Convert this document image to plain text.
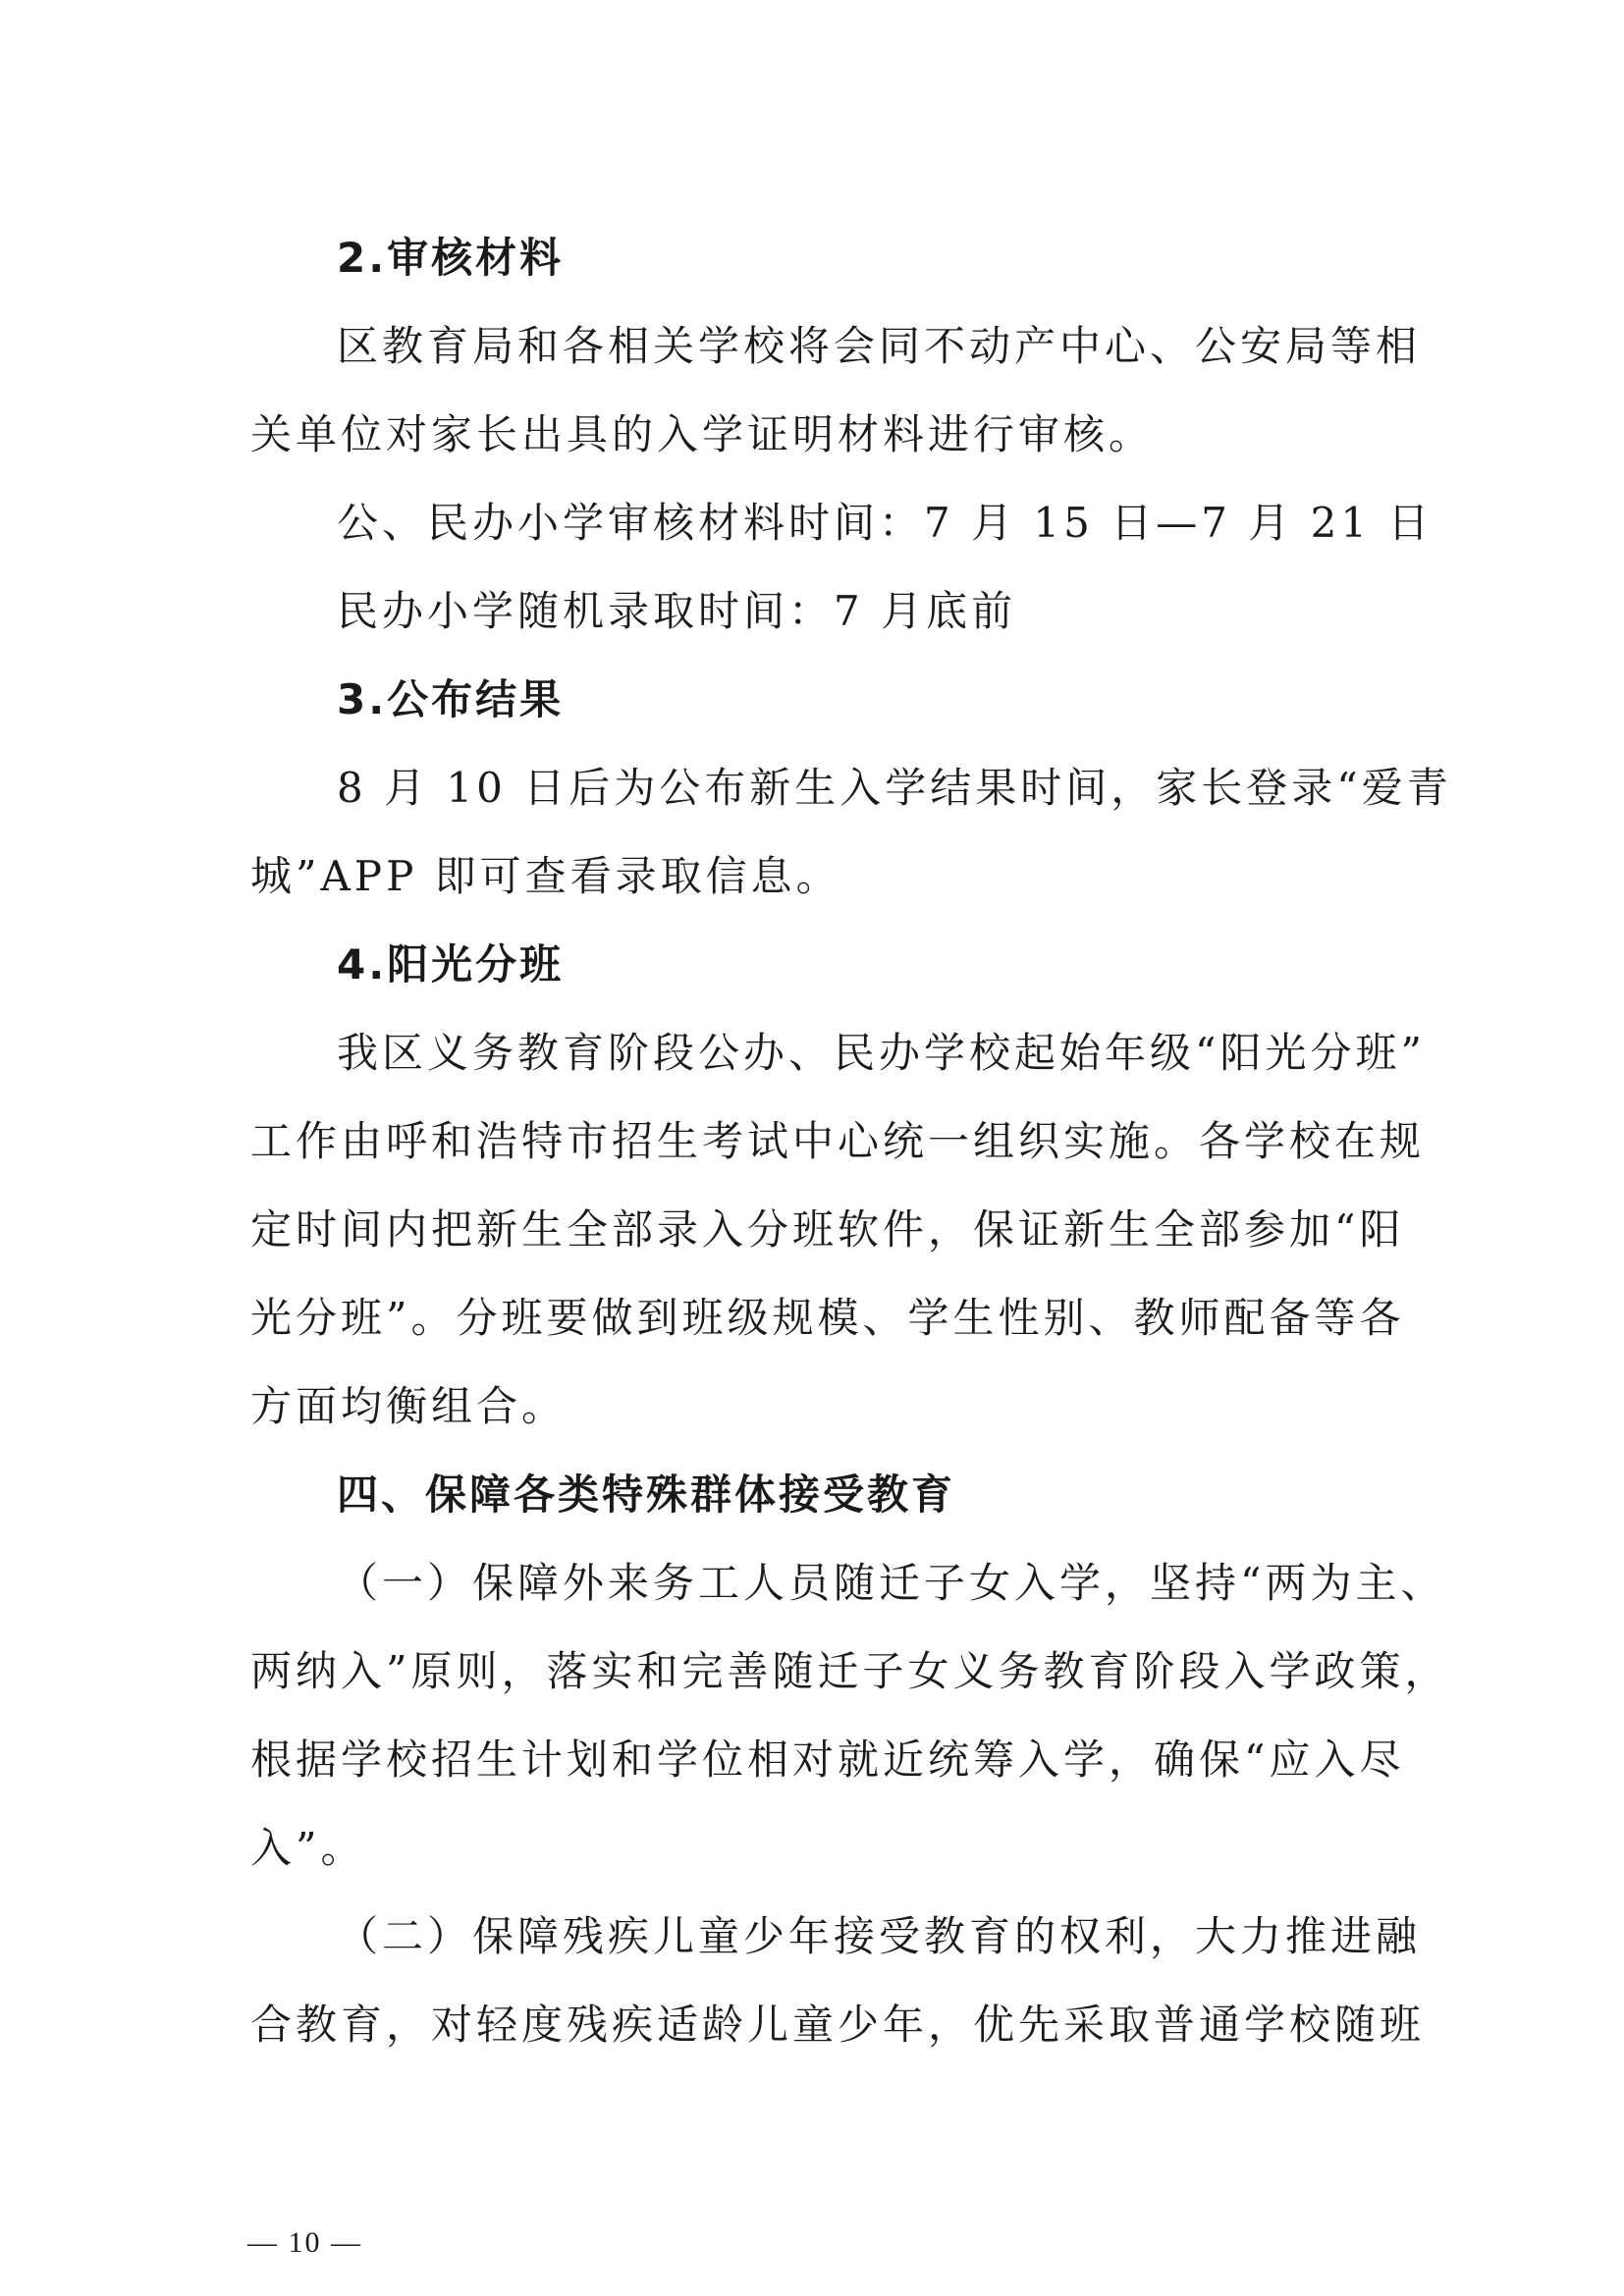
2.审核材料
区教育局和各相关学校将会同不动产中心、公安局等相
关单位对家长出具的入学证明材料进行审核。
公、民办小学审核材料时间：7 月 15 日—7 月 21 日
民办小学随机录取时间：7 月底前
3.公布结果
8 月 10 日后为公布新生入学结果时间，家长登录“爱青
城”APP 即可查看录取信息。
4.阳光分班
我区义务教育阶段公办、民办学校起始年级“阳光分班”
工作由呼和浩特市招生考试中心统一组织实施。各学校在规
定时间内把新生全部录入分班软件，保证新生全部参加“阳
光分班”。分班要做到班级规模、学生性别、教师配备等各
方面均衡组合。
四、保障各类特殊群体接受教育
（一）保障外来务工人员随迁子女入学，坚持“两为主、
两纳入”原则，落实和完善随迁子女义务教育阶段入学政策，
根据学校招生计划和学位相对就近统筹入学，确保“应入尽
入”。
（二）保障残疾儿童少年接受教育的权利，大力推进融
合教育，对轻度残疾适龄儿童少年，优先采取普通学校随班
— 10 —
